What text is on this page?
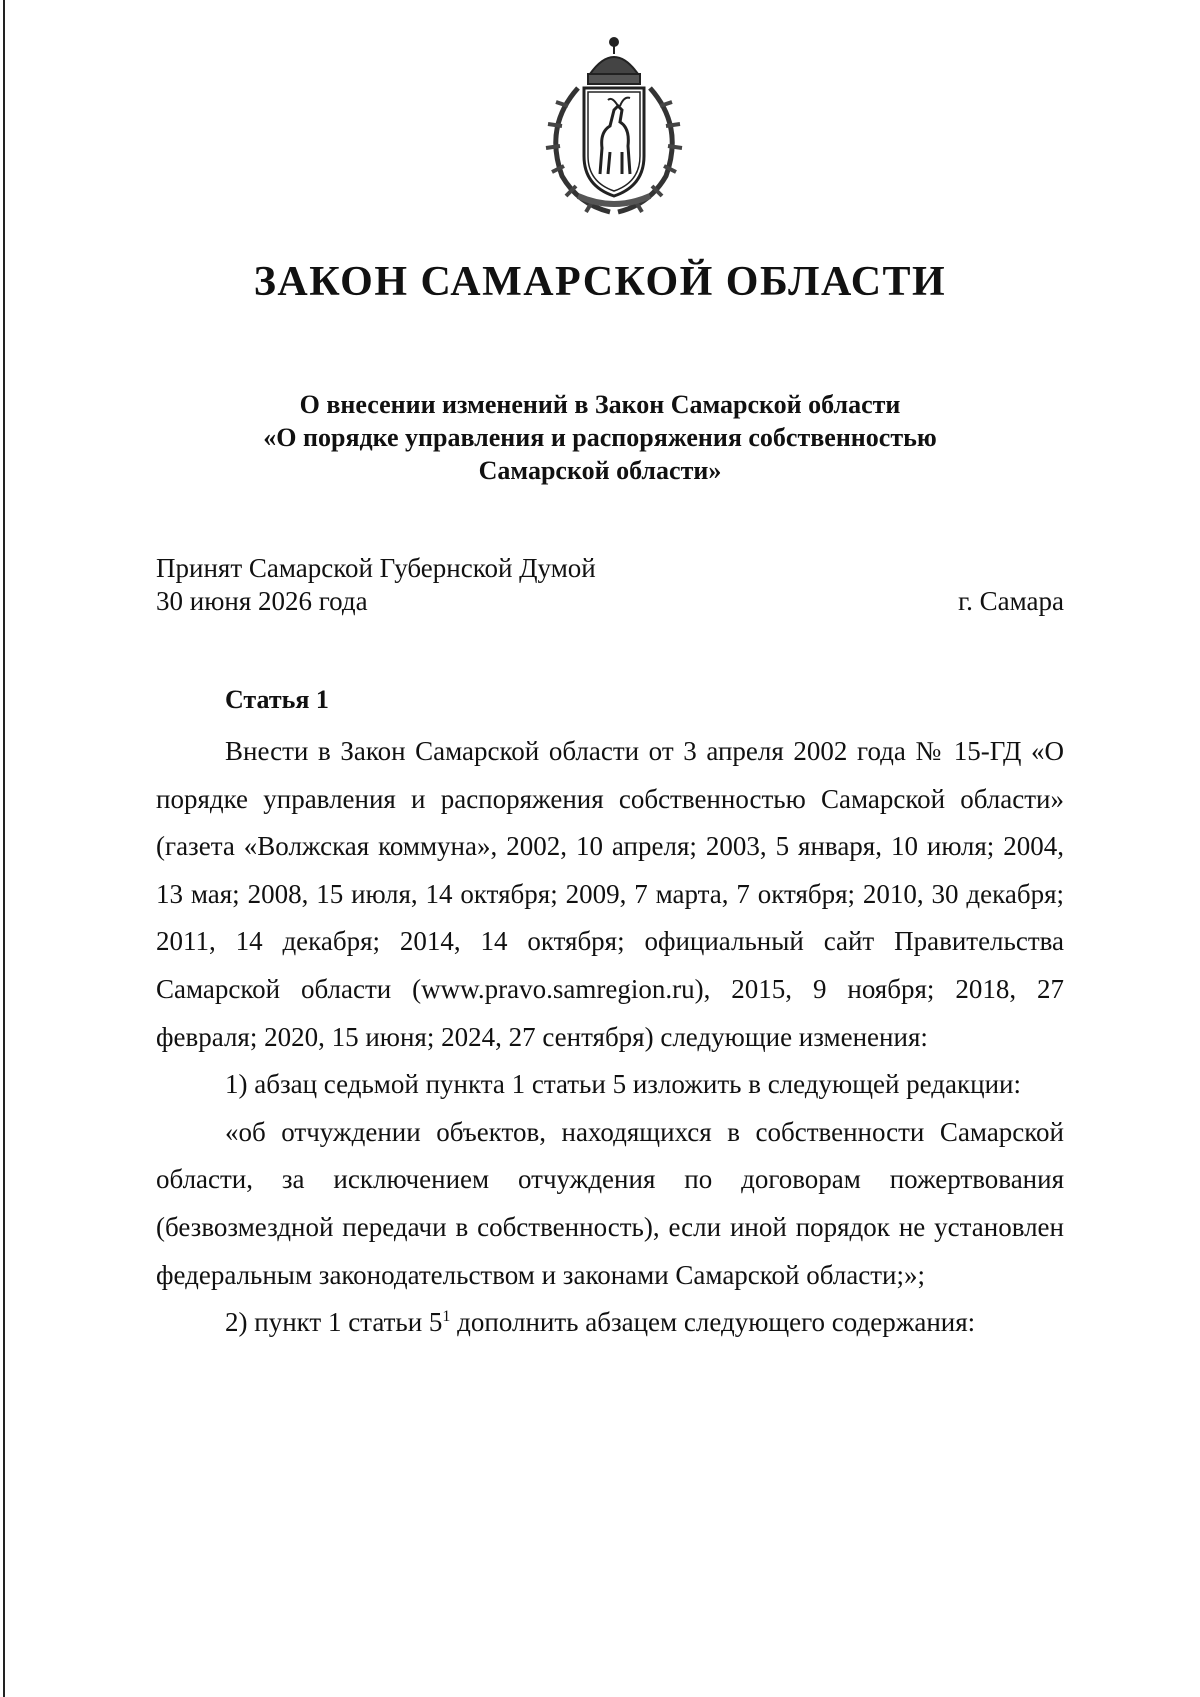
ЗАКОН САМАРСКОЙ ОБЛАСТИ
О внесении изменений в Закон Самарской области
«О порядке управления и распоряжения собственностью
Самарской области»
Принят Самарской Губернской Думой
30 июня 2026 года	г. Самара
Статья 1

Внести в Закон Самарской области от 3 апреля 2002 года № 15-ГД «О порядке управления и распоряжения собственностью Самарской области» (газета «Волжская коммуна», 2002, 10 апреля; 2003, 5 января, 10 июля; 2004, 13 мая; 2008, 15 июля, 14 октября; 2009, 7 марта, 7 октября; 2010, 30 декабря; 2011, 14 декабря; 2014, 14 октября; официальный сайт Правительства Самарской области (www.pravo.samregion.ru), 2015, 9 ноября; 2018, 27 февраля; 2020, 15 июня; 2024, 27 сентября) следующие изменения:

1) абзац седьмой пункта 1 статьи 5 изложить в следующей редакции:

«об отчуждении объектов, находящихся в собственности Самарской области, за исключением отчуждения по договорам пожертвования (безвозмездной передачи в собственность), если иной порядок не установлен федеральным законодательством и законами Самарской области;»;

2) пункт 1 статьи $5^1$ дополнить абзацем следующего содержания:
